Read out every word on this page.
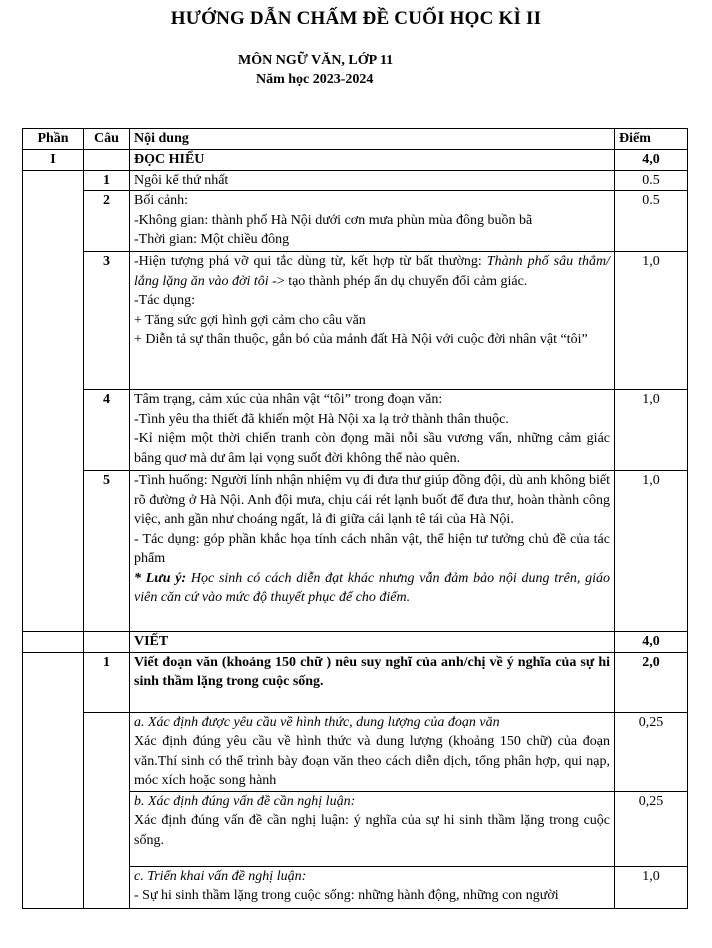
HƯỚNG DẪN CHẤM ĐỀ CUỐI HỌC KÌ II
MÔN NGỮ VĂN, LỚP 11
Năm học 2023-2024
Phần	Câu	Nội dung	Điểm
I		ĐỌC HIỂU	4,0
	1	Ngôi kể thứ nhất	0.5
	2	Bối cảnh:
-Không gian: thành phố Hà Nội dưới cơn mưa phùn mùa đông buồn bã
-Thời gian: Một chiều đông	0.5
	3	-Hiện tượng phá vỡ qui tắc dùng từ, kết hợp từ bất thường: Thành phố sâu thẳm/ lắng lặng ăn vào đời tôi -> tạo thành phép ẩn dụ chuyển đổi cảm giác.
-Tác dụng:
+ Tăng sức gợi hình gợi cảm cho câu văn
+ Diễn tả sự thân thuộc, gắn bó của mảnh đất Hà Nội với cuộc đời nhân vật “tôi”	1,0
	4	Tâm trạng, cảm xúc của nhân vật “tôi” trong đoạn văn:
-Tình yêu tha thiết đã khiến một Hà Nội xa lạ trở thành thân thuộc.
-Kỉ niệm một thời chiến tranh còn đọng mãi nỗi sầu vương vấn, những cảm giác bâng quơ mà dư âm lại vọng suốt đời không thể nào quên.	1,0
	5	-Tình huống: Người lính nhận nhiệm vụ đi đưa thư giúp đồng đội, dù anh không biết rõ đường ở Hà Nội. Anh đội mưa, chịu cái rét lạnh buốt để đưa thư, hoàn thành công việc, anh gần như choáng ngất, lả đi giữa cái lạnh tê tái của Hà Nội.
- Tác dụng: góp phần khắc họa tính cách nhân vật, thể hiện tư tưởng chủ đề của tác phẩm
* Lưu ý: Học sinh có cách diễn đạt khác nhưng vẫn đảm bảo nội dung trên, giáo viên căn cứ vào mức độ thuyết phục để cho điểm.	1,0
		VIẾT	4,0
	1	Viết đoạn văn (khoảng 150 chữ ) nêu suy nghĩ của anh/chị về ý nghĩa của sự hi sinh thầm lặng trong cuộc sống.	2,0

		a. Xác định được yêu cầu về hình thức, dung lượng của đoạn văn
Xác định đúng yêu cầu về hình thức và dung lượng (khoảng 150 chữ) của đoạn văn.Thí sinh có thể trình bày đoạn văn theo cách diễn dịch, tổng phân hợp, qui nạp, móc xích hoặc song hành	0,25

		b. Xác định đúng vấn đề cần nghị luận:
Xác định đúng vấn đề cần nghị luận: ý nghĩa của sự hi sinh thầm lặng trong cuộc sống.	0,25

		c. Triển khai vấn đề nghị luận:
- Sự hi sinh thầm lặng trong cuộc sống: những hành động, những con người	1,0
